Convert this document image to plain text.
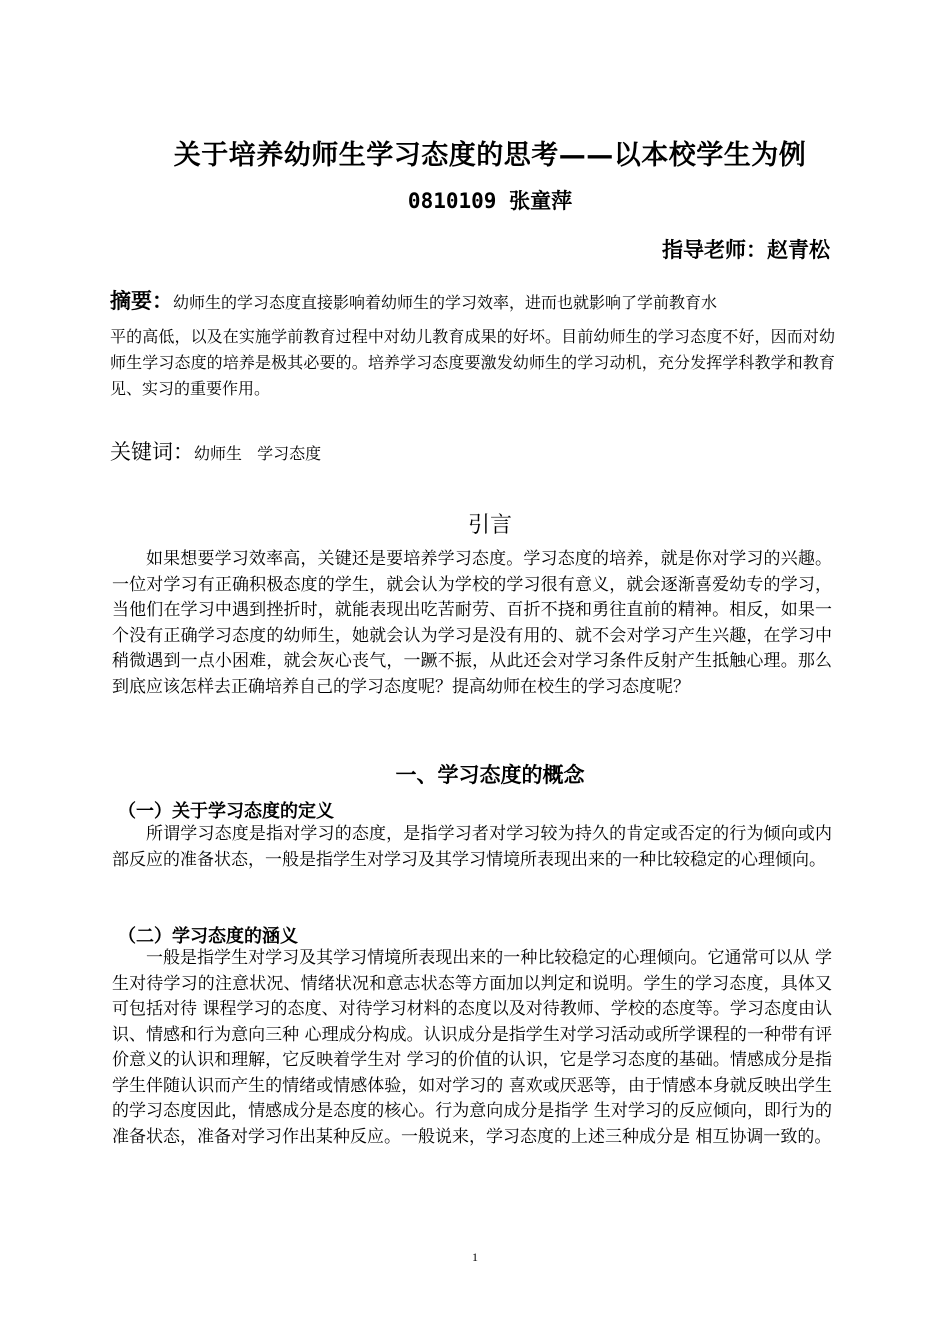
关于培养幼师生学习态度的思考——以本校学生为例
0810109 张童萍
指导老师：赵青松

摘要：幼师生的学习态度直接影响着幼师生的学习效率，进而也就影响了学前教育水

平的高低，以及在实施学前教育过程中对幼儿教育成果的好坏。目前幼师生的学习态度不好，因而对幼师生学习态度的培养是极其必要的。培养学习态度要激发幼师生的学习动机，充分发挥学科教学和教育见、实习的重要作用。

关键词：幼师生 学习态度
引言

如果想要学习效率高，关键还是要培养学习态度。学习态度的培养，就是你对学习的兴趣。一位对学习有正确积极态度的学生，就会认为学校的学习很有意义，就会逐渐喜爱幼专的学习，当他们在学习中遇到挫折时，就能表现出吃苦耐劳、百折不挠和勇往直前的精神。相反，如果一个没有正确学习态度的幼师生，她就会认为学习是没有用的、就不会对学习产生兴趣，在学习中稍微遇到一点小困难，就会灰心丧气，一蹶不振，从此还会对学习条件反射产生抵触心理。那么到底应该怎样去正确培养自己的学习态度呢？提高幼师在校生的学习态度呢？

一、学习态度的概念
（一）关于学习态度的定义

所谓学习态度是指对学习的态度，是指学习者对学习较为持久的肯定或否定的行为倾向或内部反应的准备状态，一般是指学生对学习及其学习情境所表现出来的一种比较稳定的心理倾向。

（二）学习态度的涵义

一般是指学生对学习及其学习情境所表现出来的一种比较稳定的心理倾向。它通常可以从 学生对待学习的注意状况、情绪状况和意志状态等方面加以判定和说明。学生的学习态度，具体又可包括对待 课程学习的态度、对待学习材料的态度以及对待教师、学校的态度等。学习态度由认识、情感和行为意向三种 心理成分构成。认识成分是指学生对学习活动或所学课程的一种带有评价意义的认识和理解，它反映着学生对 学习的价值的认识，它是学习态度的基础。情感成分是指学生伴随认识而产生的情绪或情感体验，如对学习的 喜欢或厌恶等，由于情感本身就反映出学生的学习态度因此，情感成分是态度的核心。行为意向成分是指学 生对学习的反应倾向，即行为的准备状态，准备对学习作出某种反应。一般说来，学习态度的上述三种成分是 相互协调一致的。

1
